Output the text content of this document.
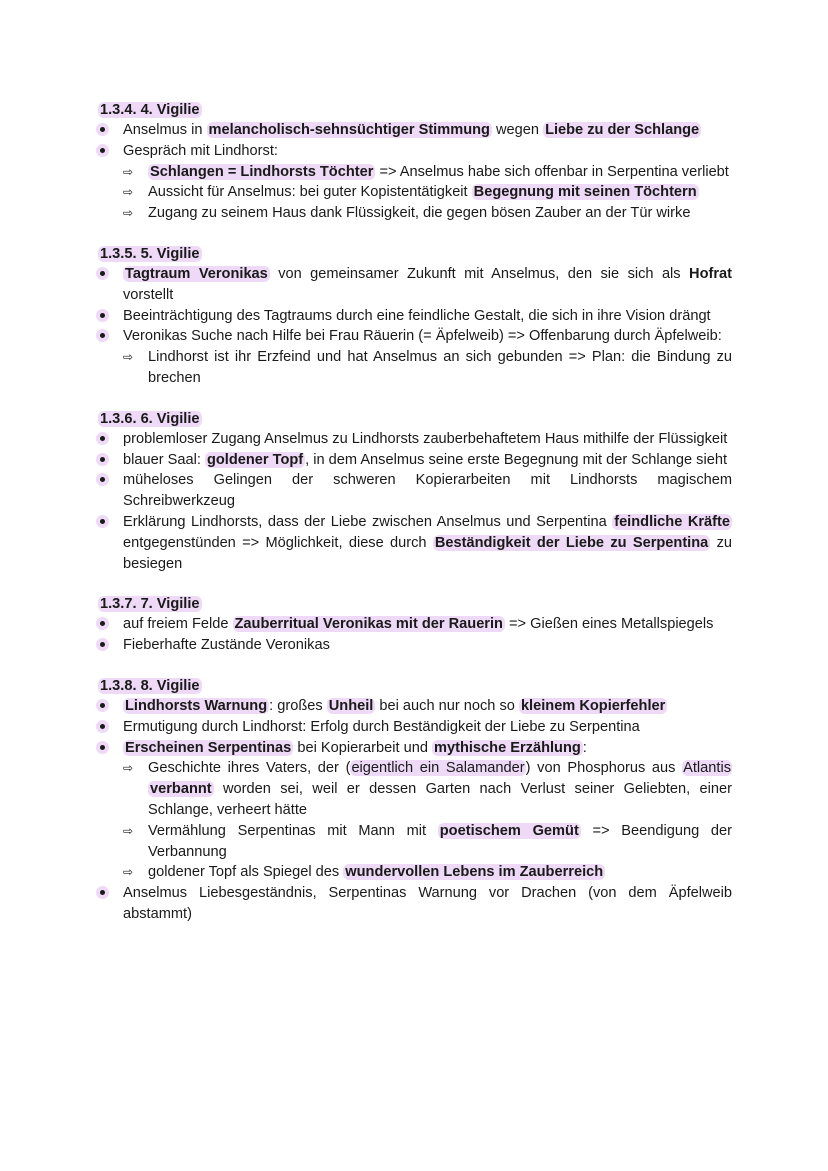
1.3.4. 4. Vigilie
Anselmus in melancholisch-sehnsüchtiger Stimmung wegen Liebe zu der Schlange
Gespräch mit Lindhorst:
⇨ Schlangen = Lindhorsts Töchter => Anselmus habe sich offenbar in Serpentina verliebt
⇨ Aussicht für Anselmus: bei guter Kopistentätigkeit Begegnung mit seinen Töchtern
⇨ Zugang zu seinem Haus dank Flüssigkeit, die gegen bösen Zauber an der Tür wirke
1.3.5. 5. Vigilie
Tagtraum Veronikas von gemeinsamer Zukunft mit Anselmus, den sie sich als Hofrat vorstellt
Beeinträchtigung des Tagtraums durch eine feindliche Gestalt, die sich in ihre Vision drängt
Veronikas Suche nach Hilfe bei Frau Räuerin (= Äpfelweib) => Offenbarung durch Äpfelweib:
⇨ Lindhorst ist ihr Erzfeind und hat Anselmus an sich gebunden => Plan: die Bindung zu brechen
1.3.6. 6. Vigilie
problemloser Zugang Anselmus zu Lindhorsts zauberbehaftetem Haus mithilfe der Flüssigkeit
blauer Saal: goldener Topf , in dem Anselmus seine erste Begegnung mit der Schlange sieht
müheloses Gelingen der schweren Kopierarbeiten mit Lindhorsts magischem Schreibwerkzeug
Erklärung Lindhorsts, dass der Liebe zwischen Anselmus und Serpentina feindliche Kräfte entgegenstünden => Möglichkeit, diese durch Beständigkeit der Liebe zu Serpentina zu besiegen
1.3.7. 7. Vigilie
auf freiem Felde Zauberritual Veronikas mit der Rauerin => Gießen eines Metallspiegels
Fieberhafte Zustände Veronikas
1.3.8. 8. Vigilie
Lindhorsts Warnung : großes Unheil bei auch nur noch so kleinem Kopierfehler
Ermutigung durch Lindhorst: Erfolg durch Beständigkeit der Liebe zu Serpentina
Erscheinen Serpentinas bei Kopierarbeit und mythische Erzählung :
⇨ Geschichte ihres Vaters, der (eigentlich ein Salamander) von Phosphorus aus Atlantis verbannt worden sei, weil er dessen Garten nach Verlust seiner Geliebten, einer Schlange, verheert hätte
⇨ Vermählung Serpentinas mit Mann mit poetischem Gemüt => Beendigung der Verbannung
⇨ goldener Topf als Spiegel des wundervollen Lebens im Zauberreich
Anselmus Liebesgeständnis, Serpentinas Warnung vor Drachen (von dem Äpfelweib abstammt)
